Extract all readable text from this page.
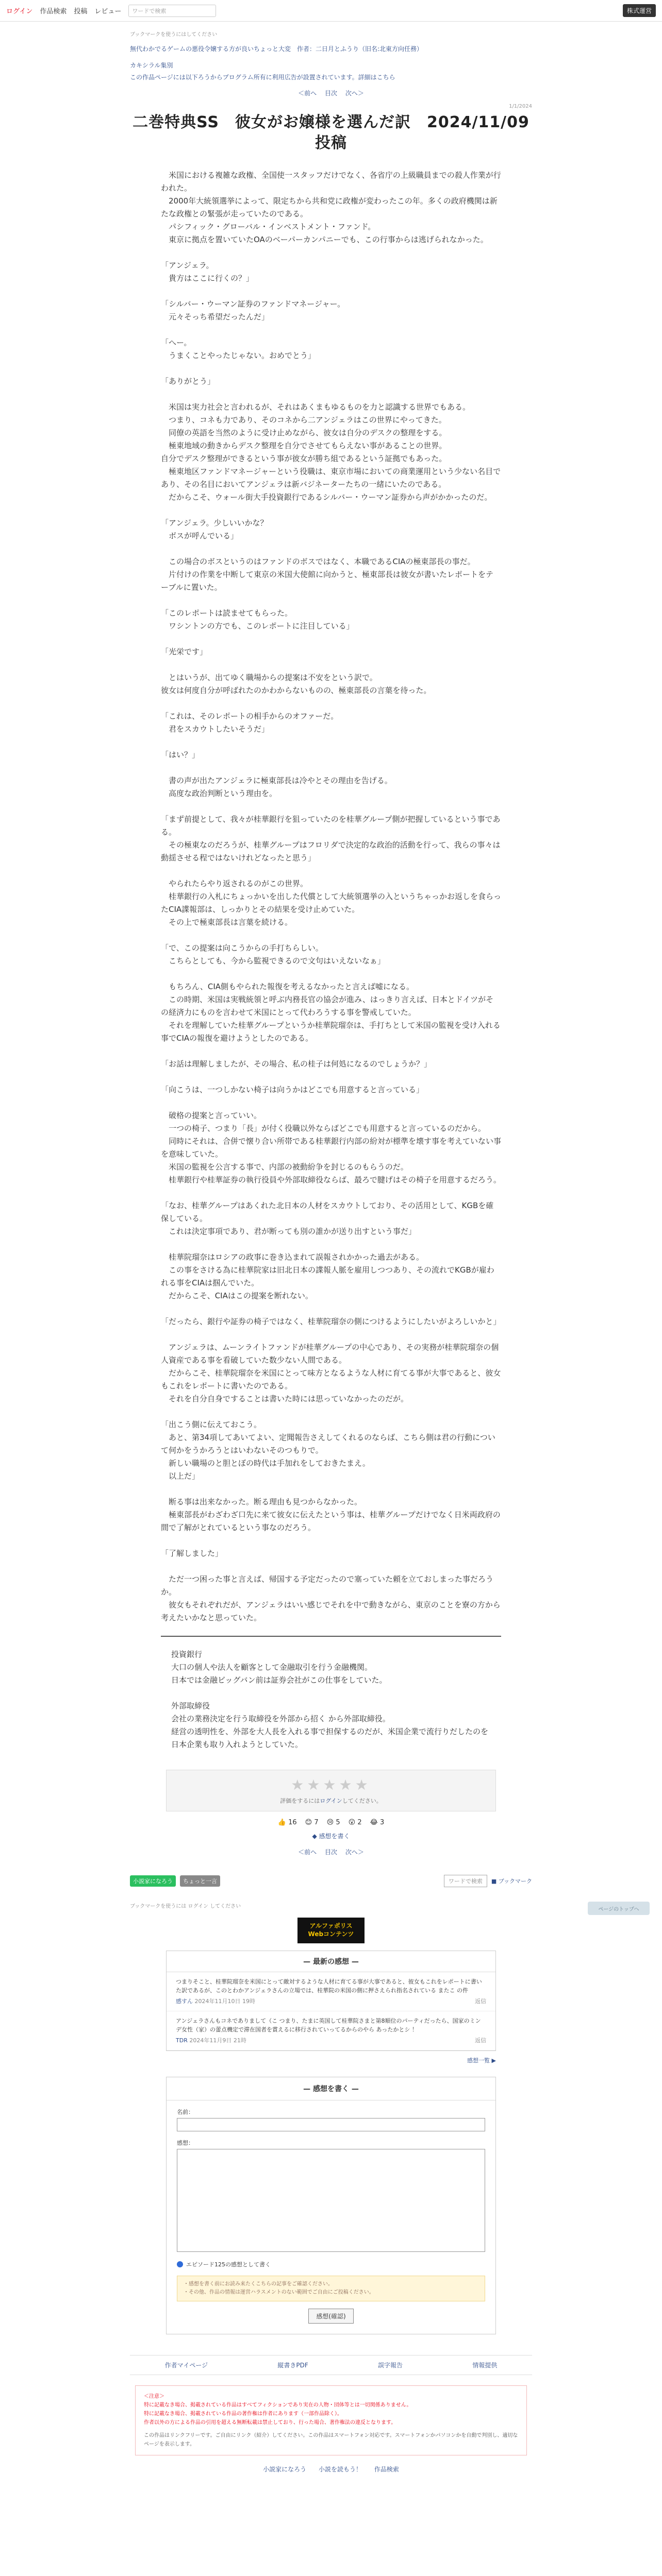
ログイン 作品検索 投稿 レビュー	ワードで検索	株式運営
ブックマークを使うにはしてください
無代わかでるゲームの悪役令嬢する方が良いちょっと大変　作者：二日月とふうり（旧名:北東方向任務）
カキシラル集別
この作品ページには以下ろうからプログラム所有に利用広告が設置されています。詳細はこちら
＜前へ 目次 次へ＞
1/1/2024
二巻特典SS　彼女がお嬢様を選んだ訳　2024/11/09　投稿

　米国における複雑な政権、全国使一スタッフだけでなく、各省庁の上級職員までの殺人作業が行われた。

　2000年大統領選挙によって、限定ちから共和党に政権が変わったこの年。多くの政府機関は新たな政権との緊張が走っていたのである。

　パシフィック・グローバル・インベストメント・ファンド。

　東京に拠点を置いていたOAのベーパーカンパニーでも、この行事からは逃げられなかった。

「アンジェラ。

　貴方はここに行くの？」

「シルバー・ウーマン証券のファンドマネージャー。

　元々そっち希望だったんだ」

「へー。

　うまくことやったじゃない。おめでとう」

「ありがとう」

　米国は実力社会と言われるが、それはあくまもゆるものを力と認識する世界でもある。

　つまり、コネも力であり、そのコネから二アンジェラはこの世界にやってきた。

　同僚の英語を当然のように受け止めながら、彼女は自分のデスクの整理をする。

　極東地域の動きからデスク整理を自分でさせてもらえない事があることの世界。

自分でデスク整理ができるという事が彼女が勝ち組であるという証拠でもあった。

　極東地区ファンドマネージャーという役職は、東京市場においての商業運用という少ない名目であり、その名目においてアンジェラは新バジネーターたちの一緒にいたのである。

　だからこそ、ウォール街大手投資銀行であるシルバー・ウーマン証券から声がかかったのだ。

「アンジェラ。少しいいかな？

　ボスが呼んでいる」

　この場合のボスというのはファンドのボスではなく、本職であるCIAの極東部長の事だ。

　片付けの作業を中断して東京の米国大使館に向かうと、極東部長は彼女が書いたレポートをテーブルに置いた。

「このレポートは読ませてもらった。

　ワシントンの方でも、このレポートに注目している」

「光栄です」

　とはいうが、出てゆく職場からの提案は不安をという訳で。

彼女は何度自分が呼ばれたのかわからないものの、極東部長の言葉を待った。

「これは、そのレポートの相手からのオファーだ。

　君をスカウトしたいそうだ」

「はい？」

　書の声が出たアンジェラに極東部長は冷やとその理由を告げる。

　高度な政治判断という理由を。

「まず前提として、我々が桂華銀行を狙っていたのを桂華グループ側が把握しているという事である。

　その極東なのだろうが、桂華グループはフロリダで決定的な政治的活動を行って、我らの事々は動揺させる程ではないけれどなったと思う」

　やられたらやり返されるのがこの世界。

　桂華銀行の入札にちょっかいを出した代償として大統領選挙の入というちゃっかお返しを食らったCIA諜報部は、しっかりとその結果を受け止めていた。

　その上で極東部長は言葉を続ける。

「で、この提案は向こうからの手打ちらしい。

　こちらとしても、今から監視できるので文句はいえないなぁ」

　もちろん、CIA側もやられた報復を考えるなかったと言えば嘘になる。

　この時期、米国は実戦統領と呼ぶ内務長官の協会が進み、はっきり言えば、日本とドイツがその経済力にものを言わせて米国にとって代わろうする事を警戒していた。

　それを理解していた桂華グループというか桂華院瑠奈は、手打ちとして米国の監視を受け入れる事でCIAの報復を避けようとしたのである。

「お話は理解しましたが、その場合、私の桂子は何処になるのでしょうか？」

「向こうは、一つしかない椅子は向うかはどこでも用意すると言っている」

　破格の提案と言っていい。

　一つの椅子、つまり「長」が付く役職以外ならばどこでも用意すると言っているのだから。

　同時にそれは、合併で懐り合い所帯である桂華銀行内部の紛対が標準を壊す事を考えていない事を意味していた。

　米国の監視を公言する事で、内部の被動紛争を封じるのもらうのだ。

　桂華銀行や桂華証券の執行役員や外部取締役ならば、最ろで腱げはその椅子を用意するだろう。

「なお、桂華グループはあくれた北日本の人材をスカウトしており、その活用として、KGBを確保している。

　これは決定事項であり、君が断っても別の誰かが送り出すという事だ」

　桂華院瑠奈はロシアの政事に巻き込まれて誤報されかかった過去がある。

　この事をさける為に桂華院家は旧北日本の諜報人脈を雇用しつつあり、その流れでKGBが雇われる事をCIAは掴んでいた。

　だからこそ、CIAはこの提案を断れない。

「だったら、銀行や証券の椅子ではなく、桂華院瑠奈の側につけるようにしたいがよろしいかと」

　アンジェラは、ムーンライトファンドが桂華グループの中心であり、その実務が桂華院瑠奈の個人資産である事を看破していた数少ない人間である。

　だからこそ、桂華院瑠奈を米国にとって味方となるような人材に育てる事が大事であると、彼女もこれをレポートに書いたのである。

　それを自分自身ですることは書いた時には思っていなかったのだが。

「出こう側に伝えておこう。

　あと、第34項してあいてよい、定聞報告さえしてくれるのならば、こちら側は君の行動について何かをうかろうとはいわないそのつもりで。

　新しい職場のと胆とぼの時代は手加れをしておきたまえ。

　以上だ」

　断る事は出来なかった。断る理由も見つからなかった。

　極東部長がわざわざ口先に来て彼女に伝えたという事は、桂華グループだけでなく日米両政府の間で了解がとれているという事なのだろう。

「了解しました」

　ただ一つ困った事と言えば、帰国する予定だったので塞っていた頼を立ておしまった事だろうか。

　彼女もそれぞれだが、アンジェラはいい感じでそれを中で動きながら、東京のことを寮の方から考えたいかなと思っていた。

投資銀行

大口の個人や法人を顧客として金融取引を行う金融機関。

日本では金融ビッグバン前は証券会社がこの仕事をしていた。

外部取締役

会社の業務決定を行う取締役を外部から招く から外部取締役。

経営の透明性を、外部を大人長を入れる事で担保するのだが、米国企業で流行りだしたのを日本企業も取り入れようとしていた。

★★★★★
評価をするにはログインしてください。
👍
16 😊
7 😢
5 😮
2 😂
3
◆ 感想を書く
＜前へ 目次 次へ＞
小説家になろう	ちょっと一言	ワードで検索	■ ブックマーク
ブックマークを使うには ログイン してください
アルファポリス
Webコンテンツ
— 最新の感想 —
つまりそこと、桂華院瑠奈を米国にとって敵対するような人材に育てる事が大事であると、彼女もこれをレポートに書いた訳であるが、このとわかアンジェラさんの立場では、桂華院の米国の側に押さえられ指名されている またこ の件
感すん 2024年11月10日 19時	返信
アンジェラさんもコネでありまして（こ つまり、たまに英国して桂華院さまと第8順位のパーティだったら、国家のミンデ女性（家）の蕾点機定で滞在国者を賞えるに移行されていってるからのやら あったかとシ ！
TDR 2024年11月9日 21時	返信
感想一覧 ▶
— 感想を書く —
名前：
感想：
エピソード125の感想として書く
・感想を書く前にお読み来たくこちらの記事をご確認ください。
・その他、作品の情報は運営ハラスメントのない範囲でご自由にご投稿ください。
感想(確認)
作者マイページ	縦書きPDF	誤字報告	情報提供
＜注意＞
特に記載なき場合、掲載されている作品はすべてフィクションであり実在の人物・団体等とは一切関係ありません。
特に記載なき場合、掲載されている作品の著作権は作者にあります（一部作品除く）。
作者以外の方による作品の引用を超える無断転載は禁止しており、行った場合、著作権法の違反となります。
この作品はリンクフリーです。ご自由にリンク（紹介）してください。この作品はスマートフォン対応です。スマートフォンかパソコンかを自動で判別し、適切なページを表示します。
小説家になろう 小説を読もう！ 作品検索
ページのトップへ
